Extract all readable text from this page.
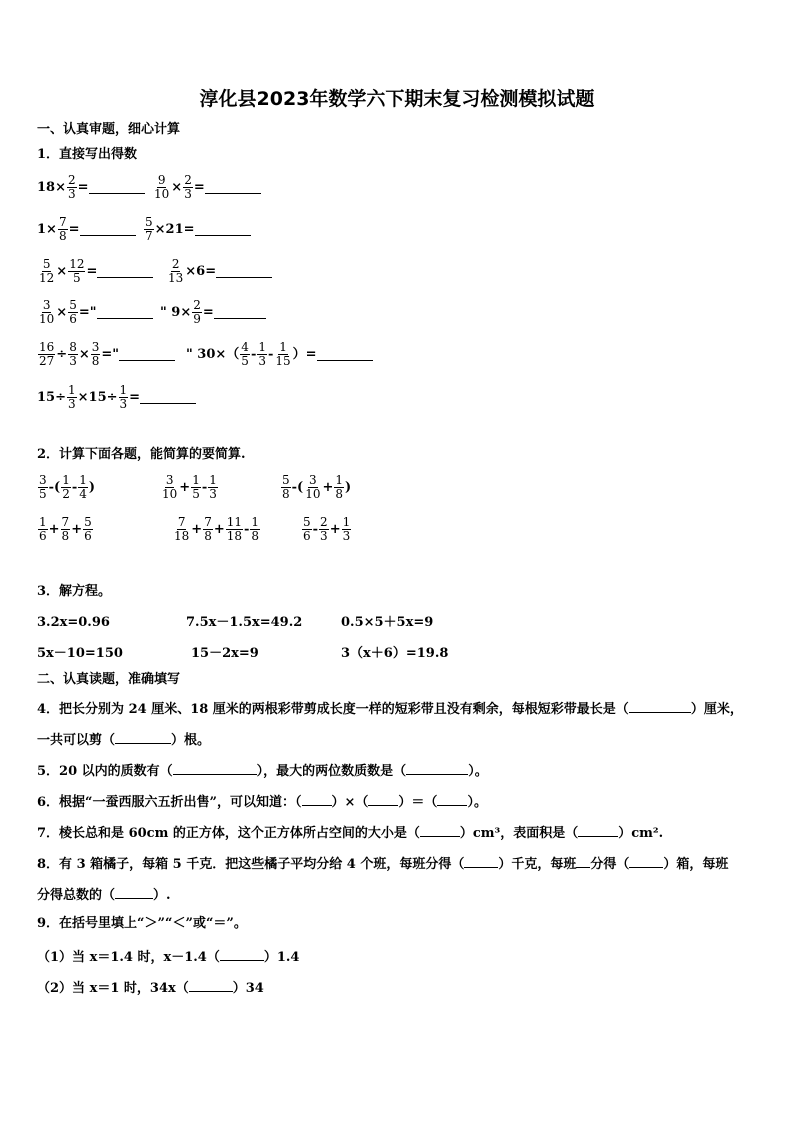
淳化县2023年数学六下期末复习检测模拟试题
一、认真审题，细心计算
1．直接写出得数
$18\times \frac{2}{3}$ =	$\frac{9}{10} \times \frac{2}{3}$ =
$1\times \frac{7}{8}$ =	$\frac{5}{7} \times 21=$
$\frac{5}{12} \times \frac{12}{5}$ =	$\frac{2}{13} \times 6=$
$\frac{3}{10} \times \frac{5}{6}$ ="	" $9\times \frac{2}{9}$ =
$\frac{16}{27} \div \frac{8}{3} \times \frac{3}{8}$ ="	" $30\times( \frac{4}{5} - \frac{1}{3} - \frac{1}{15}$ ）=
$15\div \frac{1}{3} \times 15\div \frac{1}{3}$ =
2．计算下面各题，能简算的要简算.
$\frac{3}{5}$ -( $\frac{1}{2} - \frac{1}{4}$ )	$\frac{3}{10} + \frac{1}{5} - \frac{1}{3}$	$\frac{5}{8}$ -( $\frac{3}{10} + \frac{1}{8}$ )
$\frac{1}{6} + \frac{7}{8} + \frac{5}{6}$	$\frac{7}{18} + \frac{7}{8} + \frac{11}{18} - \frac{1}{8}$	$\frac{5}{6} - \frac{2}{3} + \frac{1}{3}$
3．解方程。
3.2x=0.96	7.5x－1.5x=49.2	0.5×5＋5x=9
5x－10=150	15－2x=9	3（x＋6）=19.8
二、认真读题，准确填写
4．把长分别为 24 厘米、18 厘米的两根彩带剪成长度一样的短彩带且没有剩余，每根短彩带最长是（	）厘米，
一共可以剪（	）根。
5．20 以内的质数有（	），最大的两位数质数是（	）。
6．根据“一蚕西服六五折出售”，可以知道：（ ）×（ ）＝（ ）。
7．棱长总和是 60cm 的正方体，这个正方体所占空间的大小是（	）cm³，表面积是（	）cm².
8．有 3 箱橘子，每箱 5 千克．把这些橘子平均分给 4 个班，每班分得（	）千克，每班 分得（	）箱，每班
分得总数的（	）.
9．在括号里填上“＞”“＜”或“＝”。
（1）当 x＝1.4 时，x－1.4（	）1.4
（2）当 x＝1 时，34x（	）34
